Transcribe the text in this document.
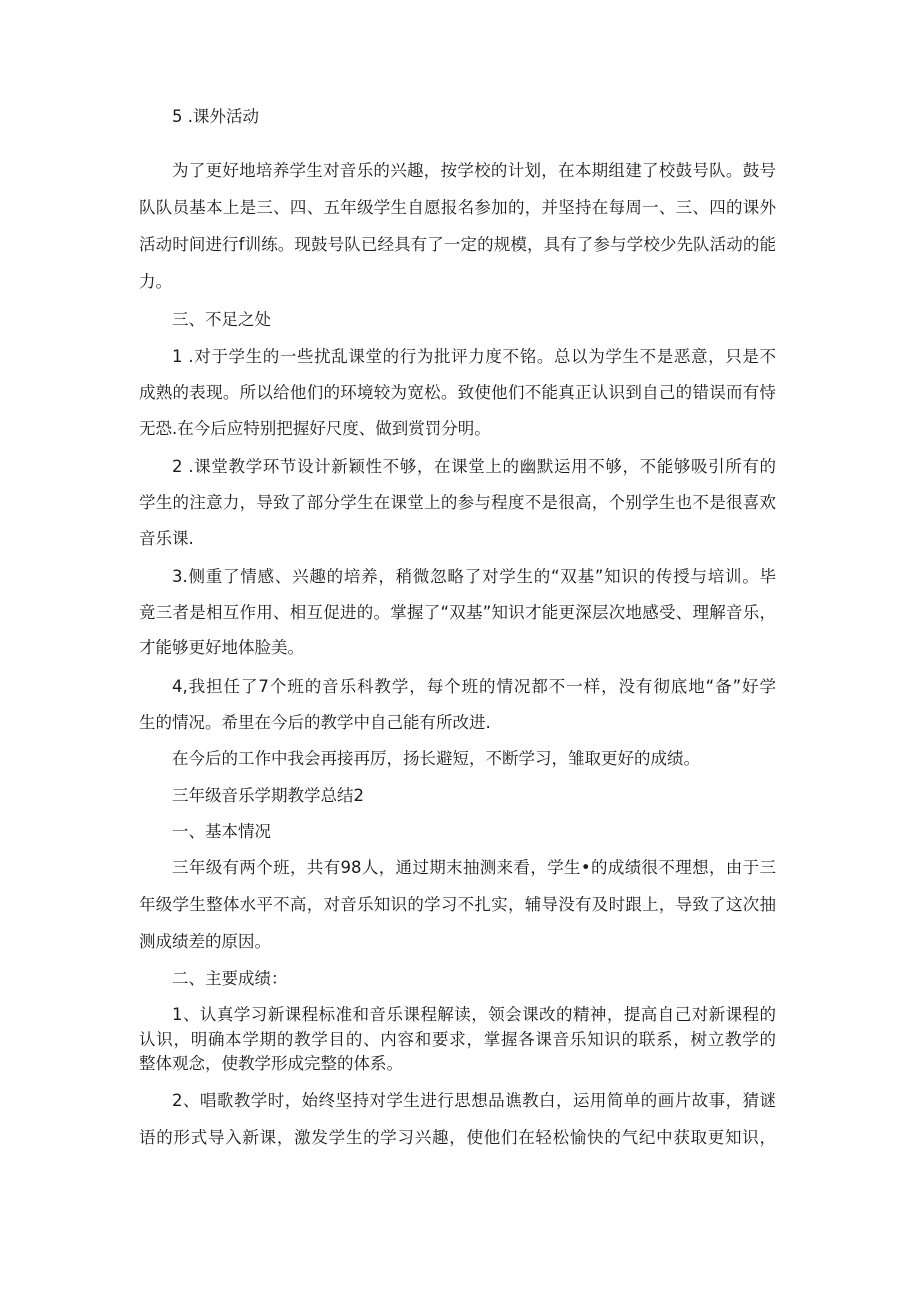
5 .课外活动
为了更好地培养学生对音乐的兴趣，按学校的计划，在本期组建了校鼓号队。鼓号
队队员基本上是三、四、五年级学生自愿报名参加的，并坚持在每周一、三、四的课外
活动时间进行f训练。现鼓号队已经具有了一定的规模，具有了参与学校少先队活动的能
力。
三、不足之处
1 .对于学生的一些扰乱课堂的行为批评力度不铭。总以为学生不是恶意，只是不
成熟的表现。所以给他们的环境较为宽松。致使他们不能真正认识到自己的错误而有恃
无恐.在今后应特别把握好尺度、做到赏罚分明。
2 .课堂教学环节设计新颖性不够，在课堂上的幽默运用不够，不能够吸引所有的
学生的注意力，导致了部分学生在课堂上的参与程度不是很高，个别学生也不是很喜欢
音乐课.
3.侧重了情感、兴趣的培养，稍微忽略了对学生的“双基”知识的传授与培训。毕
竟三者是相互作用、相互促进的。掌握了“双基”知识才能更深层次地感受、理解音乐，
才能够更好地体脸美。
4,我担任了7个班的音乐科教学，每个班的情况都不一样，没有彻底地“备”好学
生的情况。希里在今后的教学中自己能有所改进.
在今后的工作中我会再接再厉，扬长避短，不断学习，雏取更好的成绩。
三年级音乐学期教学总结2
一、基本情况
三年级有两个班，共有98人，通过期末抽测来看，学生•的成绩很不理想，由于三
年级学生整体水平不高，对音乐知识的学习不扎实，辅导没有及时跟上，导致了这次抽
测成绩差的原因。
二、主要成绩：
1、认真学习新课程标准和音乐课程解读，领会课改的精神，提高自己对新课程的
认识，明确本学期的教学目的、内容和要求，掌握各课音乐知识的联系，树立教学的
整体观念，使教学形成完整的体系。
2、唱歌教学时，始终坚持对学生进行思想品谯教白，运用简单的画片故事，猜谜
语的形式导入新课，激发学生的学习兴趣，使他们在轻松愉快的气纪中获取更知识，
